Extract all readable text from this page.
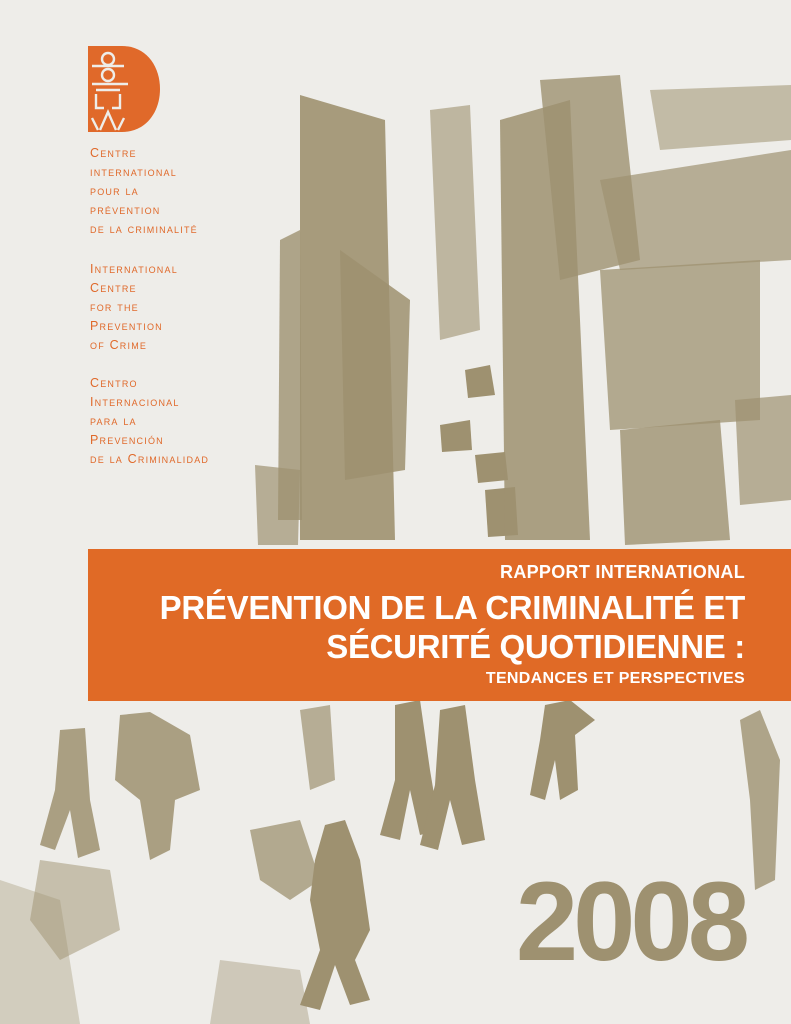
Centre
international
pour la
prévention
de la criminalité
International
Centre
for the
Prevention
of Crime
Centro
Internacional
para la
Prevención
de la Criminalidad
RAPPORT INTERNATIONAL
PRÉVENTION DE LA CRIMINALITÉ ET
SÉCURITÉ QUOTIDIENNE :
TENDANCES ET PERSPECTIVES
2008
